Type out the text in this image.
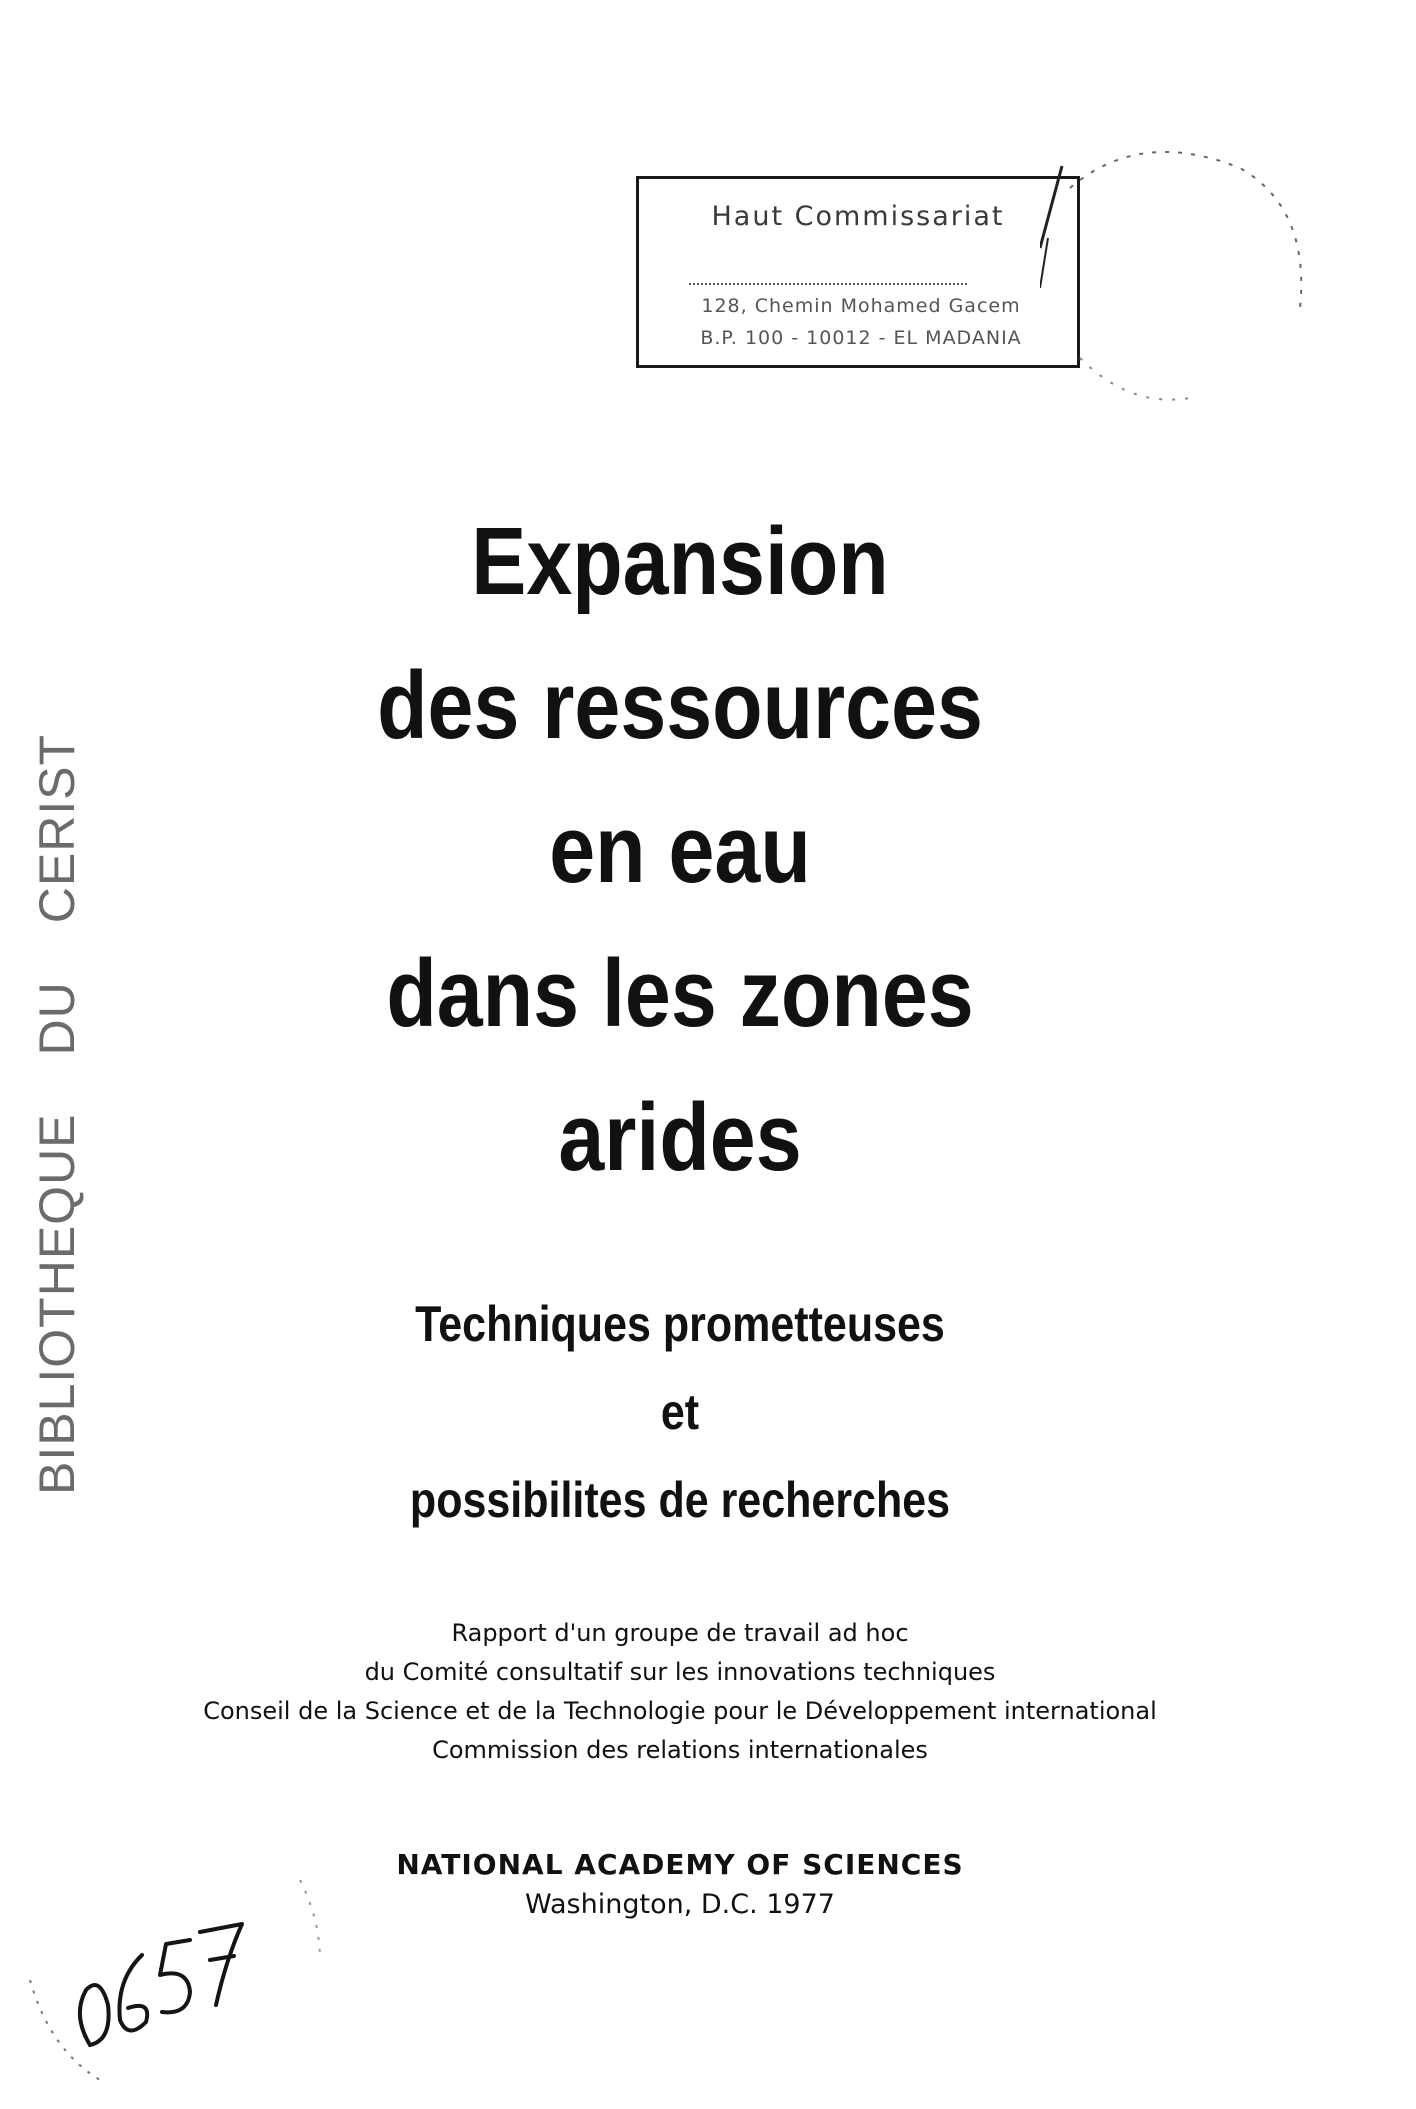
Haut Commissariat
128, Chemin Mohamed Gacem
B.P. 100 - 10012 - EL MADANIA
BIBLIOTHEQUEDUCERIST
Expansion
des ressources
en eau
dans les zones
arides
Techniques prometteuses
et
possibilites de recherches
Rapport d'un groupe de travail ad hoc
du Comité consultatif sur les innovations techniques
Conseil de la Science et de la Technologie pour le Développement international
Commission des relations internationales
NATIONAL ACADEMY OF SCIENCES
Washington, D.C. 1977
